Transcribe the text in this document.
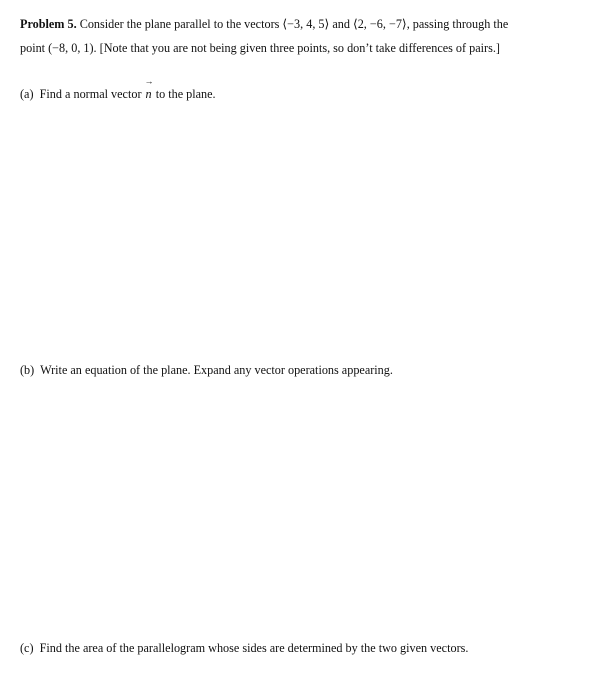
Problem 5. Consider the plane parallel to the vectors ⟨−3, 4, 5⟩ and ⟨2, −6, −7⟩, passing through the
point (−8, 0, 1). [Note that you are not being given three points, so don’t take differences of pairs.]
(a) Find a normal vector
→
n to the plane.
(b) Write an equation of the plane. Expand any vector operations appearing.
(c) Find the area of the parallelogram whose sides are determined by the two given vectors.
